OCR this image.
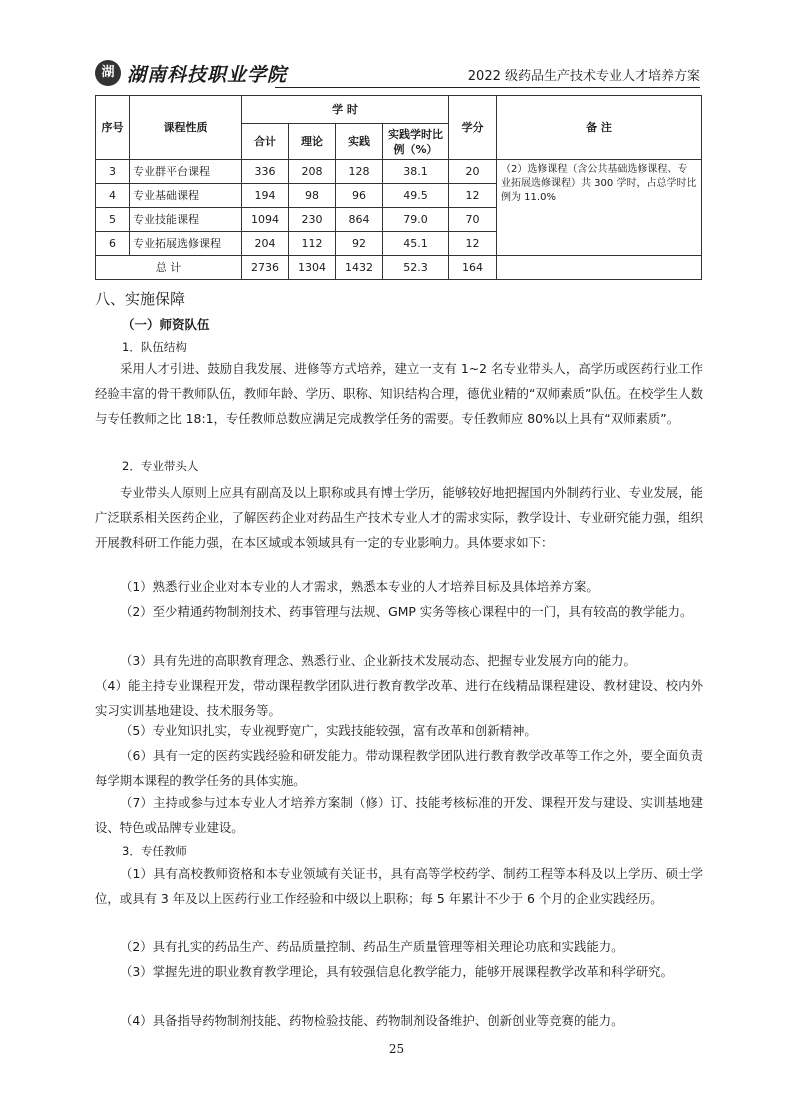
湖 湖南科技职业学院	2022 级药品生产技术专业人才培养方案
序号	课程性质	学 时				学分	备 注
		合计	理论	实践	实践学时比例（%）		
3	专业群平台课程	336	208	128	38.1	20	（2）选修课程（含公共基础选修课程、专业拓展选修课程）共 300 学时，占总学时比例为 11.0%
4	专业基础课程	194	98	96	49.5	12	
5	专业技能课程	1094	230	864	79.0	70	
6	专业拓展选修课程	204	112	92	45.1	12	
总 计		2736	1304	1432	52.3	164	
八、实施保障
（一）师资队伍
1．队伍结构

采用人才引进、鼓励自我发展、进修等方式培养，建立一支有 1~2 名专业带头人，高学历或医药行业工作经验丰富的骨干教师队伍，教师年龄、学历、职称、知识结构合理，德优业精的“双师素质”队伍。在校学生人数与专任教师之比 18:1，专任教师总数应满足完成教学任务的需要。专任教师应 80%以上具有“双师素质”。

2．专业带头人

专业带头人原则上应具有副高及以上职称或具有博士学历，能够较好地把握国内外制药行业、专业发展，能广泛联系相关医药企业，了解医药企业对药品生产技术专业人才的需求实际，教学设计、专业研究能力强，组织开展教科研工作能力强，在本区域或本领域具有一定的专业影响力。具体要求如下：

（1）熟悉行业企业对本专业的人才需求，熟悉本专业的人才培养目标及具体培养方案。

（2）至少精通药物制剂技术、药事管理与法规、GMP 实务等核心课程中的一门，具有较高的教学能力。

（3）具有先进的高职教育理念、熟悉行业、企业新技术发展动态、把握专业发展方向的能力。

（4）能主持专业课程开发，带动课程教学团队进行教育教学改革、进行在线精品课程建设、教材建设、校内外实习实训基地建设、技术服务等。

（5）专业知识扎实，专业视野宽广，实践技能较强，富有改革和创新精神。

（6）具有一定的医药实践经验和研发能力。带动课程教学团队进行教育教学改革等工作之外，要全面负责每学期本课程的教学任务的具体实施。

（7）主持或参与过本专业人才培养方案制（修）订、技能考核标准的开发、课程开发与建设、实训基地建设、特色或品牌专业建设。

3．专任教师

（1）具有高校教师资格和本专业领域有关证书，具有高等学校药学、制药工程等本科及以上学历、硕士学位，或具有 3 年及以上医药行业工作经验和中级以上职称；每 5 年累计不少于 6 个月的企业实践经历。

（2）具有扎实的药品生产、药品质量控制、药品生产质量管理等相关理论功底和实践能力。

（3）掌握先进的职业教育教学理论，具有较强信息化教学能力，能够开展课程教学改革和科学研究。

（4）具备指导药物制剂技能、药物检验技能、药物制剂设备维护、创新创业等竞赛的能力。

25
